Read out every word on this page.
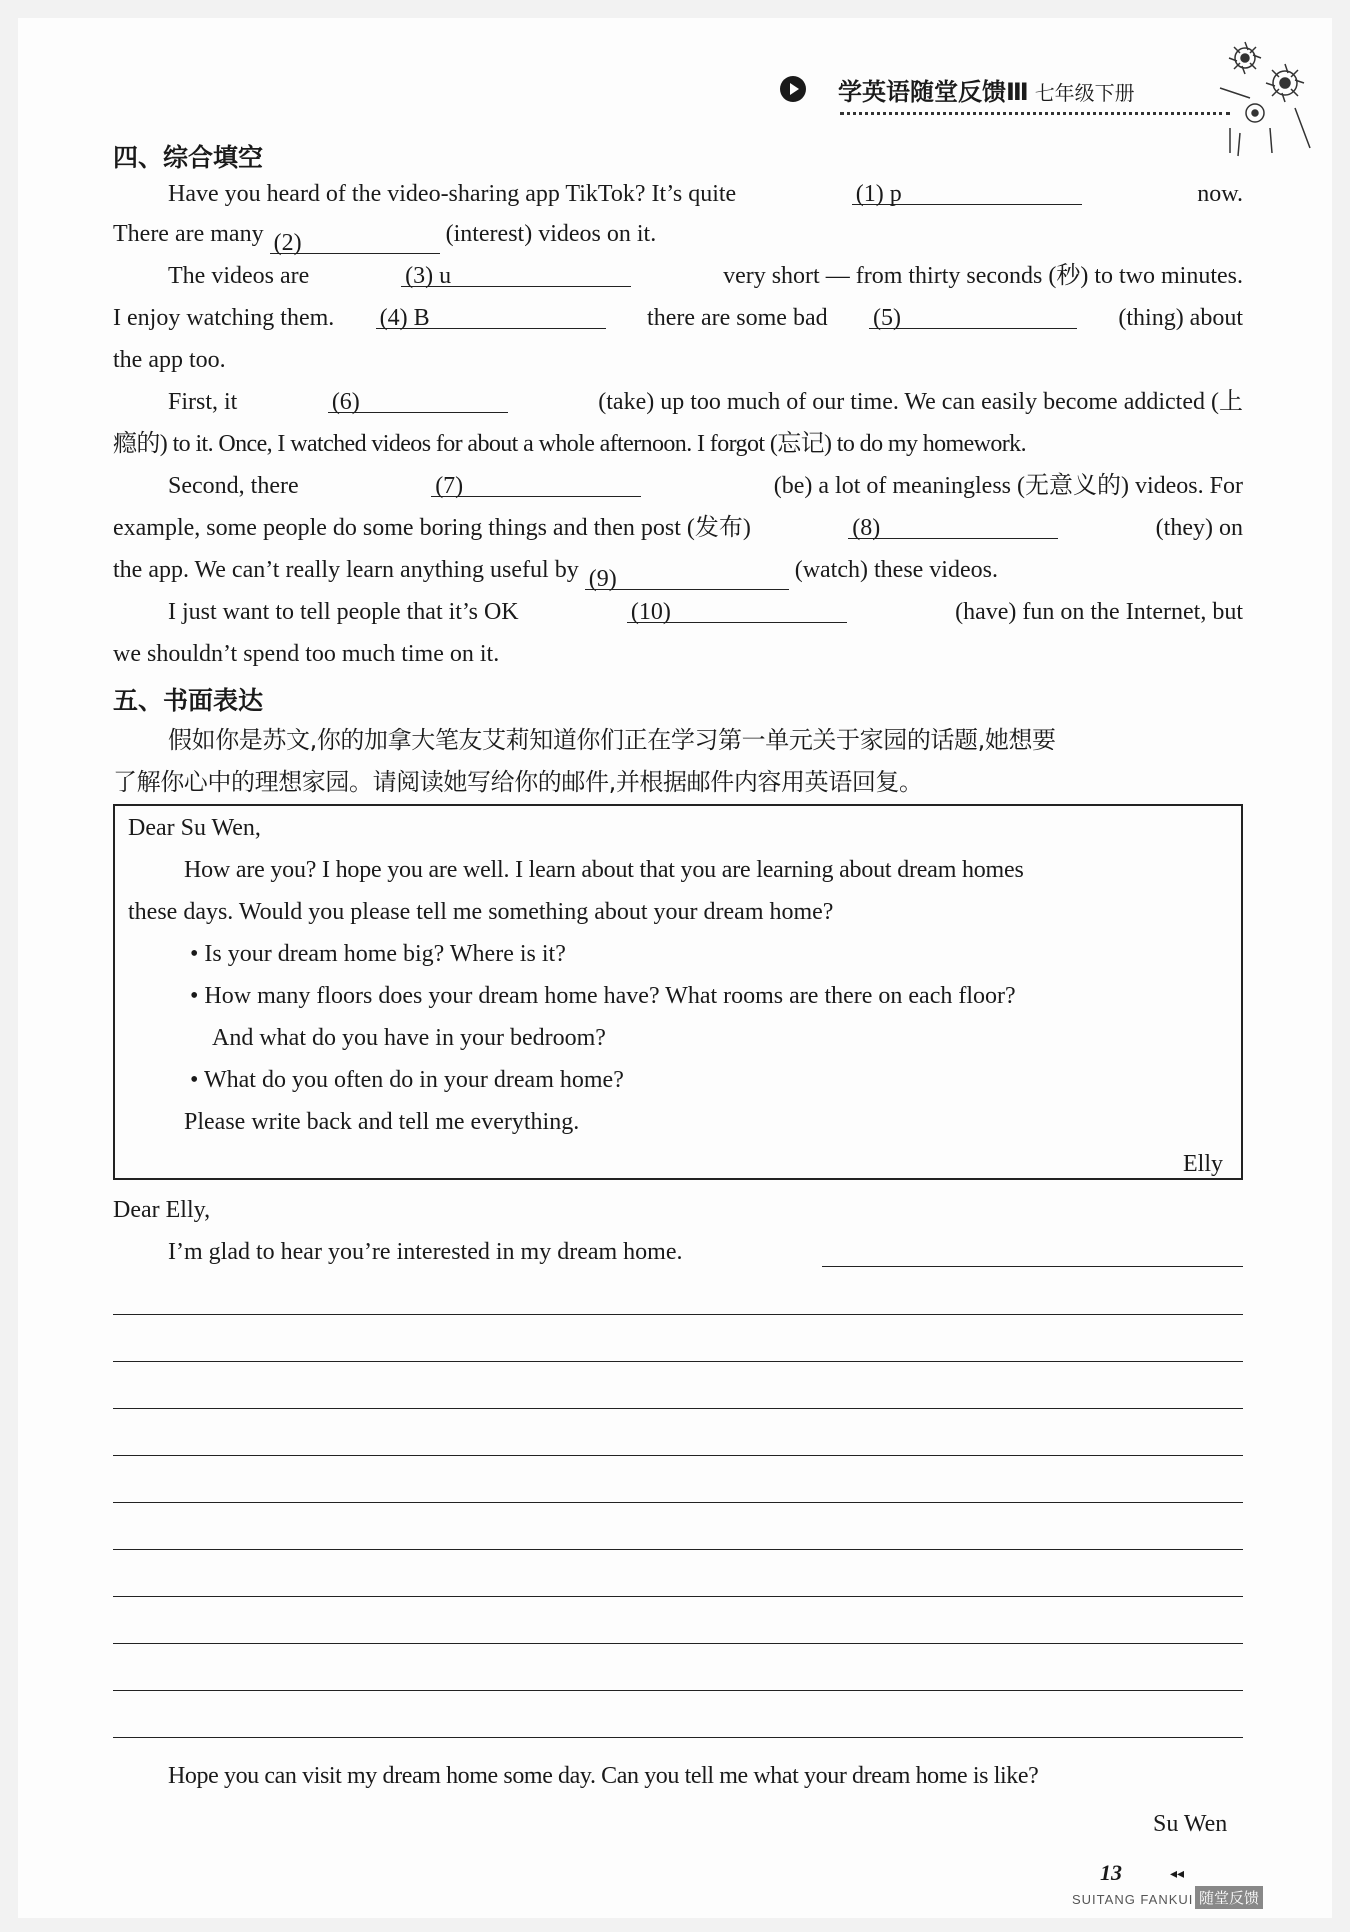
学英语随堂反馈Ⅲ 七年级下册
四、综合填空
Have you heard of the video-sharing app TikTok? It’s quite	(1) p	now.
There are many (2)	(interest) videos on it.
The videos are	(3) u	very short — from thirty seconds (秒) to two minutes.
I enjoy watching them. (4) B	there are some bad (5)	(thing) about
the app too.
First, it	(6)	(take) up too much of our time. We can easily become addicted (上
瘾的) to it. Once, I watched videos for about a whole afternoon. I forgot (忘记) to do my homework.
Second, there	(7)	(be) a lot of meaningless (无意义的) videos. For
example, some people do some boring things and then post (发布)	(8)	(they) on
the app. We can’t really learn anything useful by (9)	(watch) these videos.
I just want to tell people that it’s OK	(10)	(have) fun on the Internet, but
we shouldn’t spend too much time on it.
五、书面表达
假如你是苏文,你的加拿大笔友艾莉知道你们正在学习第一单元关于家园的话题,她想要
了解你心中的理想家园。请阅读她写给你的邮件,并根据邮件内容用英语回复。
Dear Su Wen,
How are you? I hope you are well. I learn about that you are learning about dream homes
these days. Would you please tell me something about your dream home?
• Is your dream home big? Where is it?
• How many floors does your dream home have? What rooms are there on each floor?
And what do you have in your bedroom?
• What do you often do in your dream home?
Please write back and tell me everything.
Elly
Dear Elly,
I’m glad to hear you’re interested in my dream home.
Hope you can visit my dream home some day. Can you tell me what your dream home is like?
Su Wen
13	◂◂
SUITANG FANKUI 随堂反馈
